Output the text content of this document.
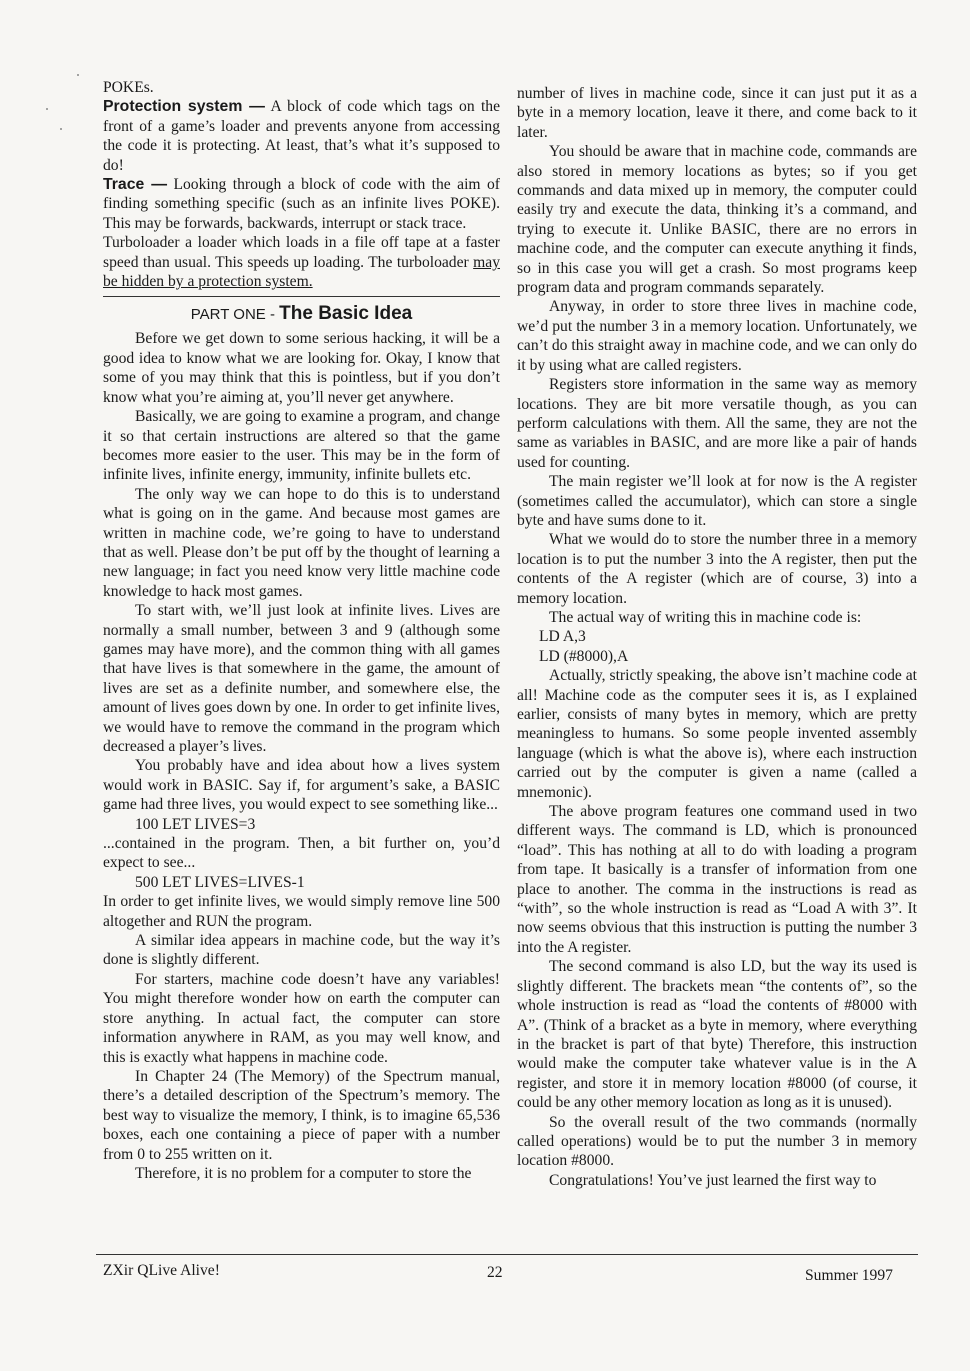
POKEs.

Protection system — A block of code which tags on the front of a game’s loader and prevents anyone from accessing the code it is protecting. At least, that’s what it’s supposed to do!

Trace — Looking through a block of code with the aim of finding something specific (such as an infinite lives POKE). This may be forwards, backwards, interrupt or stack trace.

Turboloader a loader which loads in a file off tape at a faster speed than usual. This speeds up loading. The turboloader may be hidden by a protection system.

PART ONE - The Basic Idea

Before we get down to some serious hacking, it will be a good idea to know what we are looking for. Okay, I know that some of you may think that this is pointless, but if you don’t know what you’re aiming at, you’ll never get anywhere.

Basically, we are going to examine a program, and change it so that certain instructions are altered so that the game becomes more easier to the user. This may be in the form of infinite lives, infinite energy, immunity, infinite bullets etc.

The only way we can hope to do this is to understand what is going on in the game. And because most games are written in machine code, we’re going to have to understand that as well. Please don’t be put off by the thought of learning a new language; in fact you need know very little machine code knowledge to hack most games.

To start with, we’ll just look at infinite lives. Lives are normally a small number, between 3 and 9 (although some games may have more), and the common thing with all games that have lives is that somewhere in the game, the amount of lives are set as a definite number, and somewhere else, the amount of lives goes down by one. In order to get infinite lives, we would have to remove the command in the program which decreased a player’s lives.

You probably have and idea about how a lives system would work in BASIC. Say if, for argument’s sake, a BASIC game had three lives, you would expect to see something like...

100 LET LIVES=3

...contained in the program. Then, a bit further on, you’d expect to see...

500 LET LIVES=LIVES-1

In order to get infinite lives, we would simply remove line 500 altogether and RUN the program.

A similar idea appears in machine code, but the way it’s done is slightly different.

For starters, machine code doesn’t have any variables! You might therefore wonder how on earth the computer can store anything. In actual fact, the computer can store information anywhere in RAM, as you may well know, and this is exactly what happens in machine code.

In Chapter 24 (The Memory) of the Spectrum manual, there’s a detailed description of the Spectrum’s memory. The best way to visualize the memory, I think, is to imagine 65,536 boxes, each one containing a piece of paper with a number from 0 to 255 written on it.

Therefore, it is no problem for a computer to store the

number of lives in machine code, since it can just put it as a byte in a memory location, leave it there, and come back to it later.

You should be aware that in machine code, commands are also stored in memory locations as bytes; so if you get commands and data mixed up in memory, the computer could easily try and execute the data, thinking it’s a command, and trying to execute it. Unlike BASIC, there are no errors in machine code, and the computer can execute anything it finds, so in this case you will get a crash. So most programs keep program data and program commands separately.

Anyway, in order to store three lives in machine code, we’d put the number 3 in a memory location. Unfortunately, we can’t do this straight away in machine code, and we can only do it by using what are called registers.

Registers store information in the same way as memory locations. They are bit more versatile though, as you can perform calculations with them. All the same, they are not the same as variables in BASIC, and are more like a pair of hands used for counting.

The main register we’ll look at for now is the A register (sometimes called the accumulator), which can store a single byte and have sums done to it.

What we would do to store the number three in a memory location is to put the number 3 into the A register, then put the contents of the A register (which are of course, 3) into a memory location.

The actual way of writing this in machine code is:

LD A,3

LD (#8000),A

Actually, strictly speaking, the above isn’t machine code at all! Machine code as the computer sees it is, as I explained earlier, consists of many bytes in memory, which are pretty meaningless to humans. So some people invented assembly language (which is what the above is), where each instruction carried out by the computer is given a name (called a mnemonic).

The above program features one command used in two different ways. The command is LD, which is pronounced “load”. This has nothing at all to do with loading a program from tape. It basically is a transfer of information from one place to another. The comma in the instructions is read as “with”, so the whole instruction is read as “Load A with 3”. It now seems obvious that this instruction is putting the number 3 into the A register.

The second command is also LD, but the way its used is slightly different. The brackets mean “the contents of”, so the whole instruction is read as “load the contents of #8000 with A”. (Think of a bracket as a byte in memory, where everything in the bracket is part of that byte) Therefore, this instruction would make the computer take whatever value is in the A register, and store it in memory location #8000 (of course, it could be any other memory location as long as it is unused).

So the overall result of the two commands (normally called operations) would be to put the number 3 in memory location #8000.

Congratulations! You’ve just learned the first way to

ZXir QLive Alive!	22	Summer 1997
